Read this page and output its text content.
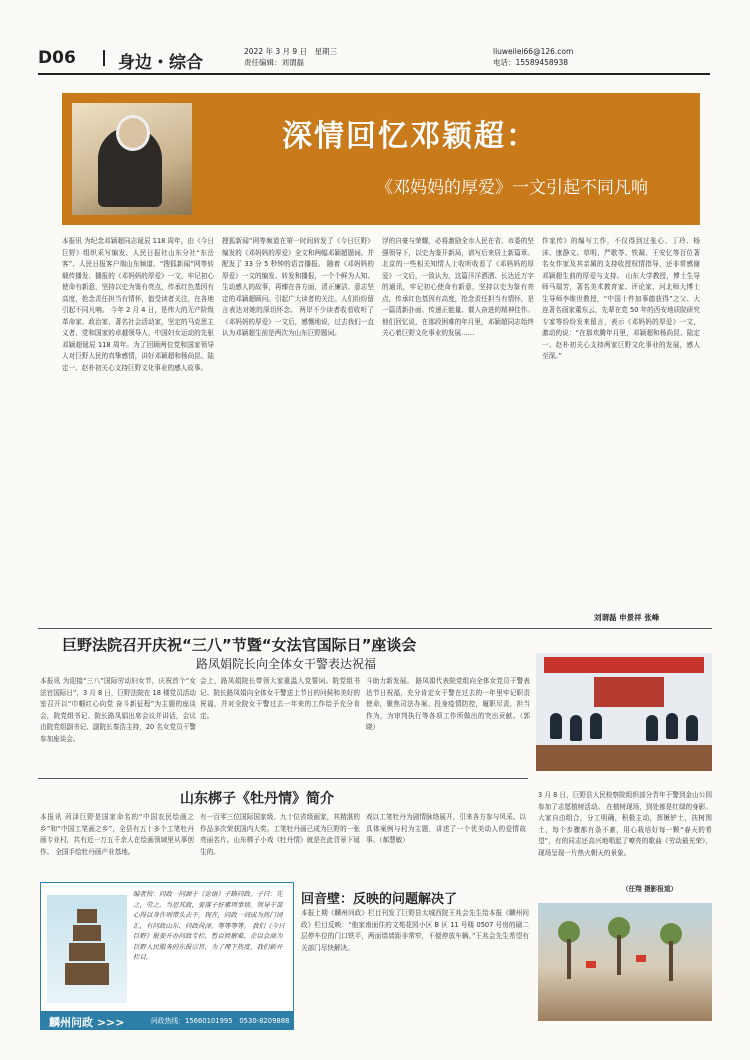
D06 身边・综合
2022 年 3 月 9 日　星期三
责任编辑：刘谓磊
liuweilei66@126.com
电话：15589458938
深情回忆邓颖超：
《邓妈妈的厚爱》一文引起不同凡响
本报讯 为纪念邓颖超同志诞辰 118 周年，由《今日巨野》组织采写编发、人民日报社山东分社“东岳客”、人民日报客户端山东频道、“搜狐新闻”网等转载传播发、播报的《邓妈妈的厚爱》一文，牢记初心使命有新意，坚持以史为鉴有亮点，传承红色基因有高度，抢念责任担当有情怀，值受读者关注，在各地引起不同凡响。 今年 2 月 4 日，是伟大的无产阶级革命家、政治家、著名社会活动家，坚定的马克思主义者、党和国家的卓越领导人、中国妇女运动的先驱邓颖超诞辰 118 周年。为了回顾两位党和国家领导人对巨野人民的真挚感情，讲好邓颖超和杨尚昆、陆定一、赵朴初关心支持巨野文化事业的感人故事。
搜狐新闻”网等频道在第一时间转发了《今日巨野》编发的《邓妈妈的厚爱》全文和两幅邓颖超题词。并配发了 33 分 5 秒钟的语音播报。 随着《邓妈妈的厚爱》一文的编发、转发和播报，一个个鲜为人知、生动感人的故事，再臻在各方面，清正廉洁、意志坚定的邓颖超顾问。引起广大读者的关注。人们纷纷留言表达对她的深切怀念。 两岸不少读者收看收听了《邓妈妈的厚爱》一文后，感慨地说，过去我们一直认为邓颖超生前是两次为山东巨野题词。
浮的自豪与荣耀，必将激励全市人民在省、市委的坚强领导下，以史为鉴开新局，谱写后来居上新篇章。 北京的一些相关知情人士收听收看了《邓妈妈的厚爱》一文后，一致认为，这篇洋洋洒洒、长达近万字的通讯，牢记初心使命有新意，坚持以史为鉴有亮点，传承红色基因有高度，抢念责任担当有情怀，是一篇清新扑面、传递正能量、催人奋进的精神佳作。 他们回忆说，在那段困难的年月里，邓颖超同志始终关心着巨野文化事业的发展……
作家传》的编写工作，不仅得到过张心、丁玲、杨沫、康静文、草明、严歌苓、铁凝、王安忆等百位著名女作家及其亲属的支持收授权情指导，还非常感谢邓颖超生前的厚爱与支持。 山东大学教授，博士生导师马瑞芳，著名美术教育家、评论家、河北师大博士生导师李维世教授，“中国十件加事德获得”之父、大连著名画家董东云，先辈在党 50 年的西安地质院研究专家等纷纷发来留言，表示《邓妈妈的厚爱》一文，激动的说：“在那欢腾年月里，邓颖超和杨尚昆、陆定一、赵朴初关心支持两家巨野文化事业的发展，感人至深。”
刘谓磊 申景祥 张峰
巨野法院召开庆祝“三八”节暨“女法官国际日”座谈会
路凤娟院长向全体女干警表达祝福
本报讯 为迎接“三八”国际劳动妇女节，庆祝首个“女法官国际日”，3 月 8 日，巨野法院在 18 楼党员活动室召开以“巾帼红心向党 奋斗新征程”为主题的座谈会，院党组书记、院长路凤娟出席会议并讲话，会议由院党组副书记、副院长秦浩主持，20 名女党员干警参加座谈会。
会上，路凤娟院长带领大家重温入党誓词。院党组书记、院长路凤娟向全体女干警送上节日的问候和美好的祝福，并对全院女干警过去一年来的工作给予充分肯定。
斗助力新发展。 路凤娟代表院党组向全体女党员干警表达节日祝福，充分肯定女干警在过去的一年里牢记职责使命，聚焦司法办案、投身疫情防控，履职尽责，担当作为，为审判执行等各项工作所做出的突出贡献。（郭晓）
山东梆子《牡丹情》简介
本报讯 菏泽巨野是国家命名的“中国农民绘画之乡”和“中国工笔画之乡”，全县有五十多个工笔牡丹画专业村，共有近一万五千余人在绘画领域里从事创作。 全国手绘牡丹画产业基地。
有一百零三位国际国家级、九十位省级画家，其精湛的作品多次荣获国内大奖。工笔牡丹画已成为巨野的一张亮丽名片。山东梆子小戏《牡丹情》就是在此背景下诞生的。
戏以工笔牡丹为剧情脉络展开，引来各方参与风采。以具体案例与村为主题，讲述了一个优美动人的爱情故事。（郝慧敏）
3 月 8 日，巨野县人民检察院组织部分青年干警到金山公园参加了志愿植树活动。 在植树现场，到处都是红绿的身影。大家自由组合，分工明确，积极主动，挥锹铲土，扶树围土，每个步骤都有条不紊，用心栽培好每一颗“春天的希望”，有的同志还高兴地唱起了嘹亮的歌曲《劳动最光荣》，现场呈现一片热火朝天的景象。
（任翔 摄影报道）
编者按：问政一问源于《论语》子路问政。子曰：先之，劳之，当思其政，要落子好素项事情。领导干部心得以身作则带头去干。现在，问政一词成为热门词汇，有问政山东、问政菏泽，等等等等。 我们《今日巨野》报要开办问政专栏，暂百姓解难，企以会商为巨野人民服务的东报宗旨，为了理下热度，我们新开栏目。
麟州问政 >>>	问政热线：15660101995　0530-8209888
回音壁：反映的问题解决了
本报上期《麟州问政》栏目刊发了巨野县太城西院王兆会先生给本报《麟州问政》栏目反映：“他家南面住的文苑花园小区 B 区 11 号楼 0507 号房的刷二层停车位的门口铁平，两面墙墙距非常窄，不便停放车辆。”王兆会先生希望有关部门尽快解决。
